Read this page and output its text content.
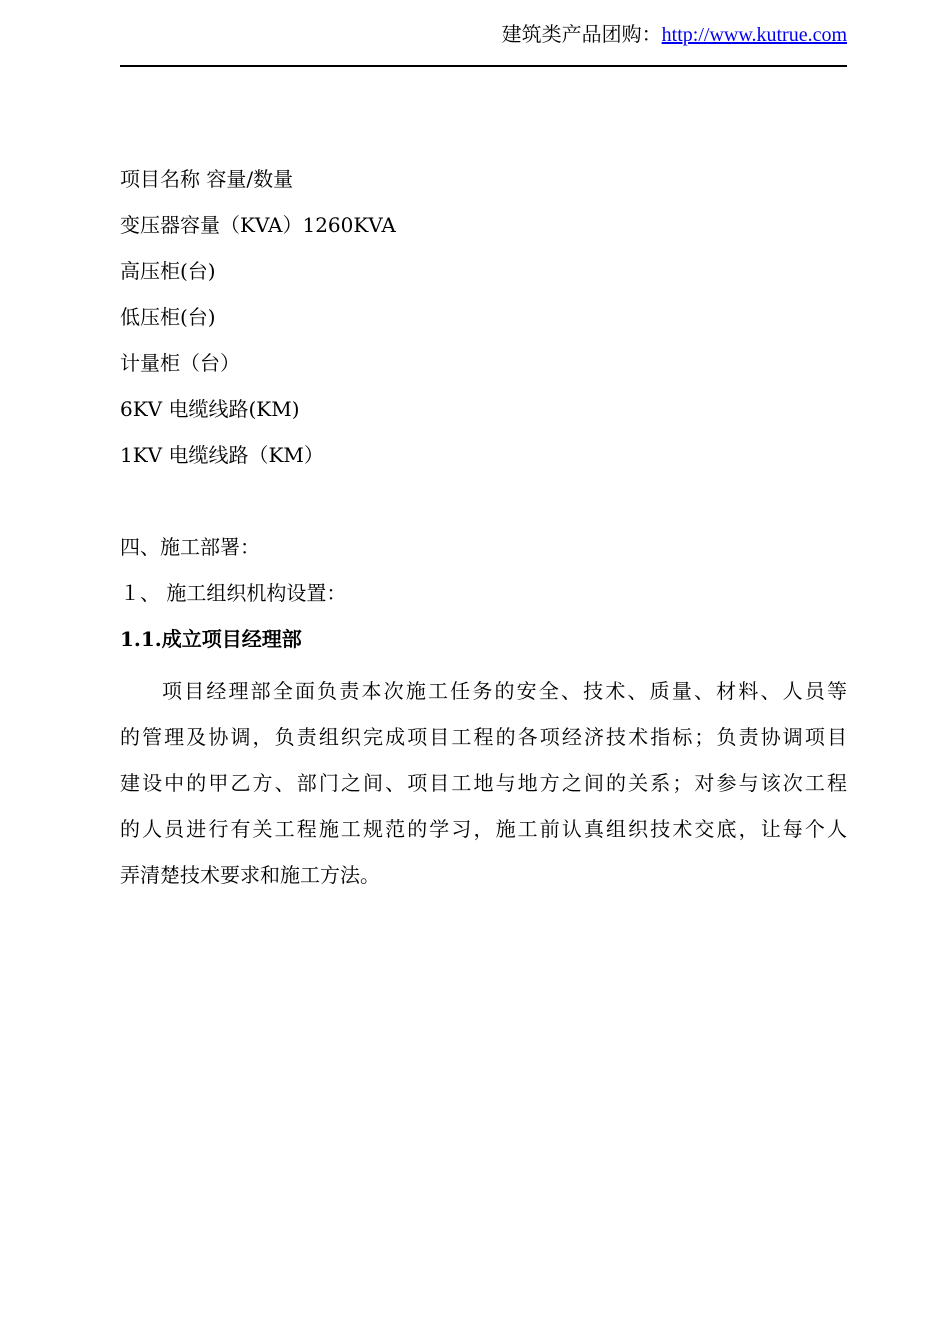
建筑类产品团购：http://www.kutrue.com
项目名称 容量/数量
变压器容量（KVA）1260KVA
高压柜(台)
低压柜(台)
计量柜（台）
6KV 电缆线路(KM)
1KV 电缆线路（KM）
四、施工部署：
１、 施工组织机构设置：
1.1.成立项目经理部
项目经理部全面负责本次施工任务的安全、技术、质量、材料、人员等
的管理及协调，负责组织完成项目工程的各项经济技术指标；负责协调项目
建设中的甲乙方、部门之间、项目工地与地方之间的关系；对参与该次工程
的人员进行有关工程施工规范的学习，施工前认真组织技术交底，让每个人
弄清楚技术要求和施工方法。
